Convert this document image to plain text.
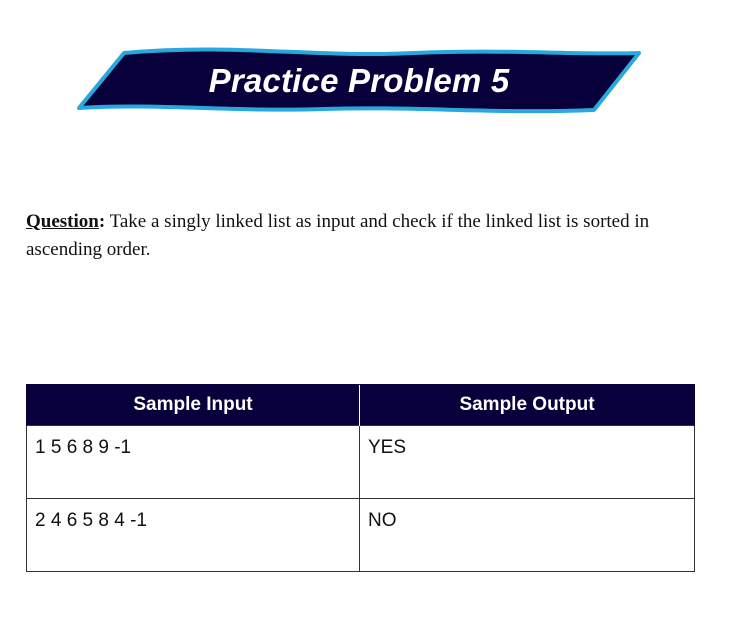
Practice Problem 5
Question: Take a singly linked list as input and check if the linked list is sorted in ascending order.
Sample Input	Sample Output
1 5 6 8 9 -1	YES
2 4 6 5 8 4 -1	NO
